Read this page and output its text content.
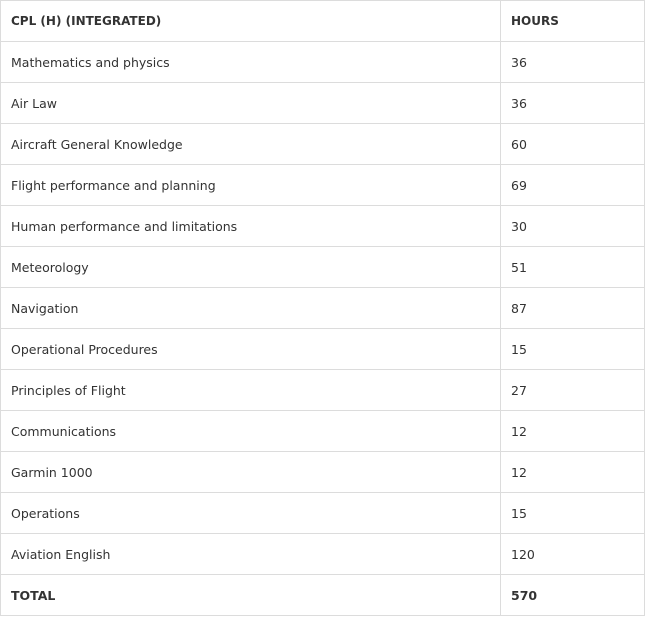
CPL (H) (INTEGRATED)	HOURS
Mathematics and physics	36
Air Law	36
Aircraft General Knowledge	60
Flight performance and planning	69
Human performance and limitations	30
Meteorology	51
Navigation	87
Operational Procedures	15
Principles of Flight	27
Communications	12
Garmin 1000	12
Operations	15
Aviation English	120
TOTAL	570
